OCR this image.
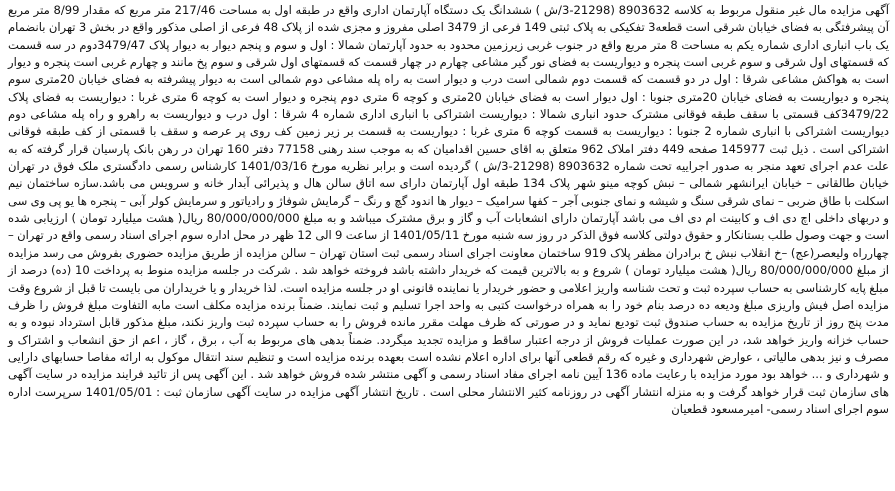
آگهی مزایده مال غیر منقول مربوط به کلاسه 8903632 (21298-3/ش ) ششدانگ یک دستگاه آپارتمان اداری واقع در طبقه اول به مساحت 217/46 متر مربع که مقدار 8/99 متر مربع آن پیشرفتگی به فضای خیابان شرقی است قطعه3 تفکیکی به پلاک ثبتی 149 فرعی از 3479 اصلی مفروز و مجزی شده از پلاک 48 فرعی از اصلی مذکور واقع در بخش 3 تهران بانضمام یک باب انباری اداری شماره یکم به مساحت 8 متر مربع واقع در جنوب غربی زیرزمین محدود به حدود آپارتمان شمالا : اول و سوم و پنجم دیوار به دیوار پلاک 3479/47دوم در سه قسمت که قسمتهای اول شرقی و سوم غربی است پنجره و دیواریست به فضای نور گیر مشاعی چهارم در چهار قسمت که قسمتهای اول شرقی و سوم پخ مانند و چهارم غربی است پنجره و دیوار است به هواکش مشاعی شرقا : اول در دو قسمت که قسمت دوم شمالی است درب و دیوار است به راه پله مشاعی دوم شمالی است به دیوار پیشرفته به فضای خیابان 20متری سوم پنجره و دیواریست به فضای خیابان 20متری جنوبا : اول دیوار است به فضای خیابان 20متری و کوچه 6 متری دوم پنجره و دیوار است به کوچه 6 متری غربا : دیواریست به فضای پلاک 3479/22کف قسمتی با سقف طبقه فوقانی مشترک حدود انباری شمالا : دیواریست اشتراکی با انباری اداری شماره 4 شرقا : اول درب و دیواریست به راهرو و راه پله مشاعی دوم دیواریست اشتراکی با انباری شماره 2 جنوبا : دیواریست به قسمت کوچه 6 متری غربا : دیواریست به قسمت بر زیر زمین کف روی پر عرصه و سقف با قسمتی از کف طبقه فوقانی اشتراکی است . ذیل ثبت 145977 صفحه 449 دفتر املاک 962 متعلق به اقای حسین اقدامیان که به موجب سند رهنی 77158 دفتر 160 تهران در رهن بانک پارسیان قرار گرفته که به علت عدم اجرای تعهد منجر به صدور اجراییه تحت شماره 8903632 (21298-3/ش ) گردیده است و برابر نظریه مورخ 1401/03/16 کارشناس رسمی دادگستری ملک فوق در تهران خیابان طالقانی – خیابان ایرانشهر شمالی – نبش کوچه مینو شهر پلاک 134 طبقه اول آپارتمان دارای سه اتاق سالن هال و پذیرائی آبدار خانه و سرویس می باشد.سازه ساختمان نیم اسکلت با طاق ضربی – نمای شرقی سنگ و شیشه و نمای جنوبی آجر – کفها سرامیک – دیوار ها اندود گچ و رنگ – گرمایش شوفاژ و رادیاتور و سرمایش کولر آبی – پنجره ها یو پی وی سی و دربهای داخلی اچ دی اف و کابینت ام دی اف می باشد آپارتمان دارای انشعابات آب و گاز و برق مشترک میباشد و به مبلغ 80/000/000/000 ریال( هشت میلیارد تومان ) ارزیابی شده است و جهت وصول طلب بستانکار و حقوق دولتی کلاسه فوق الذکر در روز سه شنبه مورخ 1401/05/11 از ساعت 9 الی 12 ظهر در محل اداره سوم اجرای اسناد رسمی واقع در تهران – چهارراه ولیعصر(عج) –خ انقلاب نبش خ برادران مظفر پلاک 919 ساختمان معاونت اجرای اسناد رسمی ثبت استان تهران – سالن مزایده از طریق مزایده حضوری بفروش می رسد مزایده از مبلغ 80/000/000/000 ریال( هشت میلیارد تومان ) شروع و به بالاترین قیمت که خریدار داشته باشد فروخته خواهد شد . شرکت در جلسه مزایده منوط به پرداخت 10 (ده) درصد از مبلغ پایه کارشناسی به حساب سپرده ثبت و تحت شناسه واریز اعلامی و حضور خریدار یا نماینده قانونی او در جلسه مزایده است. لذا خریدار و یا خریداران می بایست تا قبل از شروع وقت مزایده اصل فیش واریزی مبلغ ودیعه ده درصد بنام خود را به همراه درخواست کتبی به واحد اجرا تسلیم و ثبت نمایند. ضمناً برنده مزایده مکلف است مابه التفاوت مبلغ فروش را ظرف مدت پنج روز از تاریخ مزایده به حساب صندوق ثبت تودیع نماید و در صورتی که ظرف مهلت مقرر مانده فروش را به حساب سپرده ثبت واریز نکند، مبلغ مذکور قابل استرداد نبوده و به حساب خزانه واریز خواهد شد، در این صورت عملیات فروش از درجه اعتبار ساقط و مزایده تجدید میگردد. ضمناً بدهی های مربوط به آب ، برق ، گاز ، اعم از حق انشعاب و اشتراک و مصرف و نیز بدهی مالیاتی ، عوارض شهرداری و غیره که رقم قطعی آنها برای اداره اعلام نشده است بعهده برنده مزایده است و تنظیم سند انتقال موکول به ارائه مفاصا حسابهای دارایی و شهرداری و ... خواهد بود مورد مزایده با رعایت ماده 136 آیین نامه اجرای مفاد اسناد رسمی و آگهی منتشر شده فروش خواهد شد . این آگهی پس از تائید فرایند مزایده در سایت آگهی های سازمان ثبت قرار خواهد گرفت و به منزله انتشار آگهی در روزنامه کثیر الانتشار محلی است . تاریخ انتشار آگهی مزایده در سایت آگهی سازمان ثبت : 1401/05/01 سرپرست اداره سوم اجرای اسناد رسمی- امیرمسعود قطعیان
